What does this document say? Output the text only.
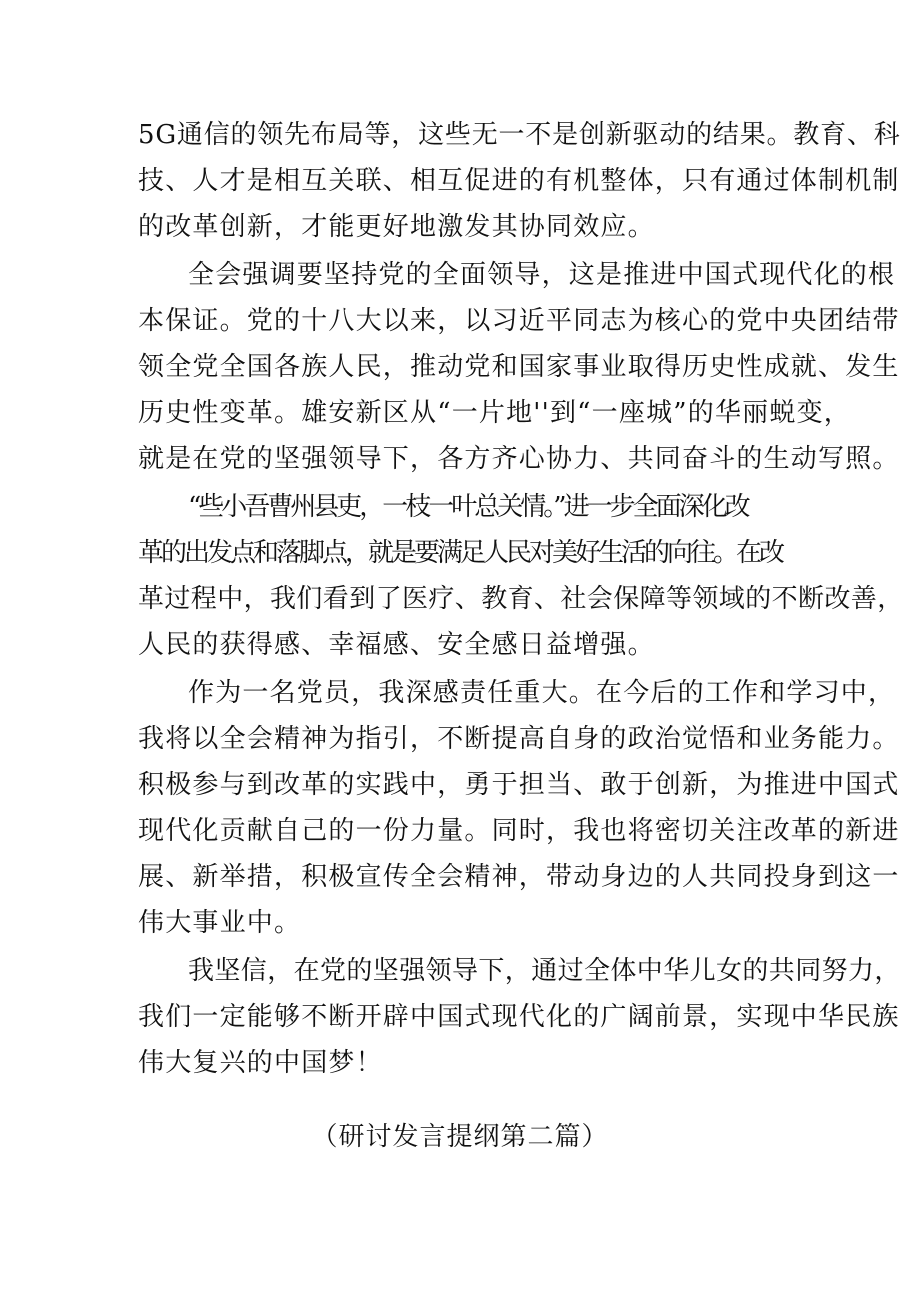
5G通信的领先布局等，这些无一不是创新驱动的结果。教育、科
技、人才是相互关联、相互促进的有机整体，只有通过体制机制
的改革创新，才能更好地激发其协同效应。

全会强调要坚持党的全面领导，这是推进中国式现代化的根
本保证。党的十八大以来，以习近平同志为核心的党中央团结带
领全党全国各族人民，推动党和国家事业取得历史性成就、发生
历史性变革。雄安新区从“一片地''到“一座城”的华丽蜕变，
就是在党的坚强领导下，各方齐心协力、共同奋斗的生动写照。

“些小吾曹州县吏，一枝一叶总关情。”进一步全面深化改
革的出发点和落脚点，就是要满足人民对美好生活的向往。在改
革过程中，我们看到了医疗、教育、社会保障等领域的不断改善，
人民的获得感、幸福感、安全感日益增强。

作为一名党员，我深感责任重大。在今后的工作和学习中，
我将以全会精神为指引，不断提高自身的政治觉悟和业务能力。
积极参与到改革的实践中，勇于担当、敢于创新，为推进中国式
现代化贡献自己的一份力量。同时，我也将密切关注改革的新进
展、新举措，积极宣传全会精神，带动身边的人共同投身到这一
伟大事业中。

我坚信，在党的坚强领导下，通过全体中华儿女的共同努力，
我们一定能够不断开辟中国式现代化的广阔前景，实现中华民族
伟大复兴的中国梦！

（研讨发言提纲第二篇）
